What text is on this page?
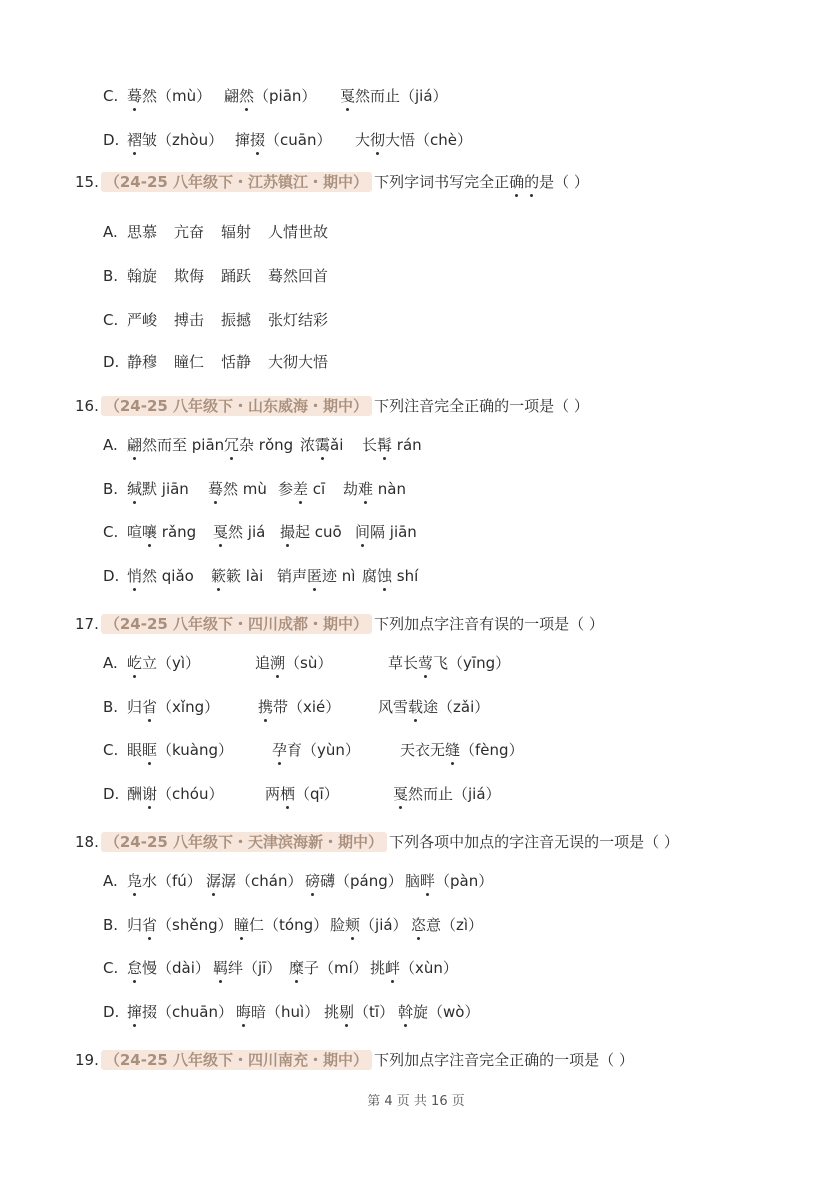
C. 蓦然（mù） 翩然（piān） 戛然而止（jiá）
D. 褶皱（zhòu） 撺掇（cuān） 大彻大悟（chè）
15. （24-25 八年级下・江苏镇江・期中） 下列字词书写完全正确的是（ ）
A. 思慕 亢奋 辐射 人情世故
B. 翰旋 欺侮 踊跃 蓦然回首
C. 严峻 搏击 振撼 张灯结彩
D. 静穆 瞳仁 恬静 大彻大悟
16. （24-25 八年级下・山东威海・期中） 下列注音完全正确的一项是（ ）
A. 翩然而至 piān 冗杂 rǒng 浓霭ǎi 长髯 rán
B. 缄默 jiān 蓦然 mù 参差 cī 劫难 nàn
C. 喧嚷 rǎng 戛然 jiá 撮起 cuō 间隔 jiān
D. 悄然 qiǎo 簌簌 lài 销声匿迹 nì 腐蚀 shí
17. （24-25 八年级下・四川成都・期中） 下列加点字注音有误的一项是（ ）
A. 屹立（yì）	追溯（sù）	草长莺飞（yīng）
B. 归省（xǐng）	携带（xié）	风雪载途（zǎi）
C. 眼眶（kuàng）	孕育（yùn）	天衣无缝（fèng）
D. 酬谢（chóu）	两栖（qī）	戛然而止（jiá）
18. （24-25 八年级下・天津滨海新・期中） 下列各项中加点的字注音无误的一项是（ ）
A. 凫水（fú） 潺潺（chán） 磅礴（páng） 脑畔（pàn）
B. 归省（shěng） 瞳仁（tóng） 脸颊（jiá） 恣意（zì）
C. 怠慢（dài） 羁绊（jī） 糜子（mí） 挑衅（xùn）
D. 撺掇（chuān） 晦暗（huì） 挑剔（tī） 斡旋（wò）
19. （24-25 八年级下・四川南充・期中） 下列加点字注音完全正确的一项是（ ）
第 4 页 共 16 页
